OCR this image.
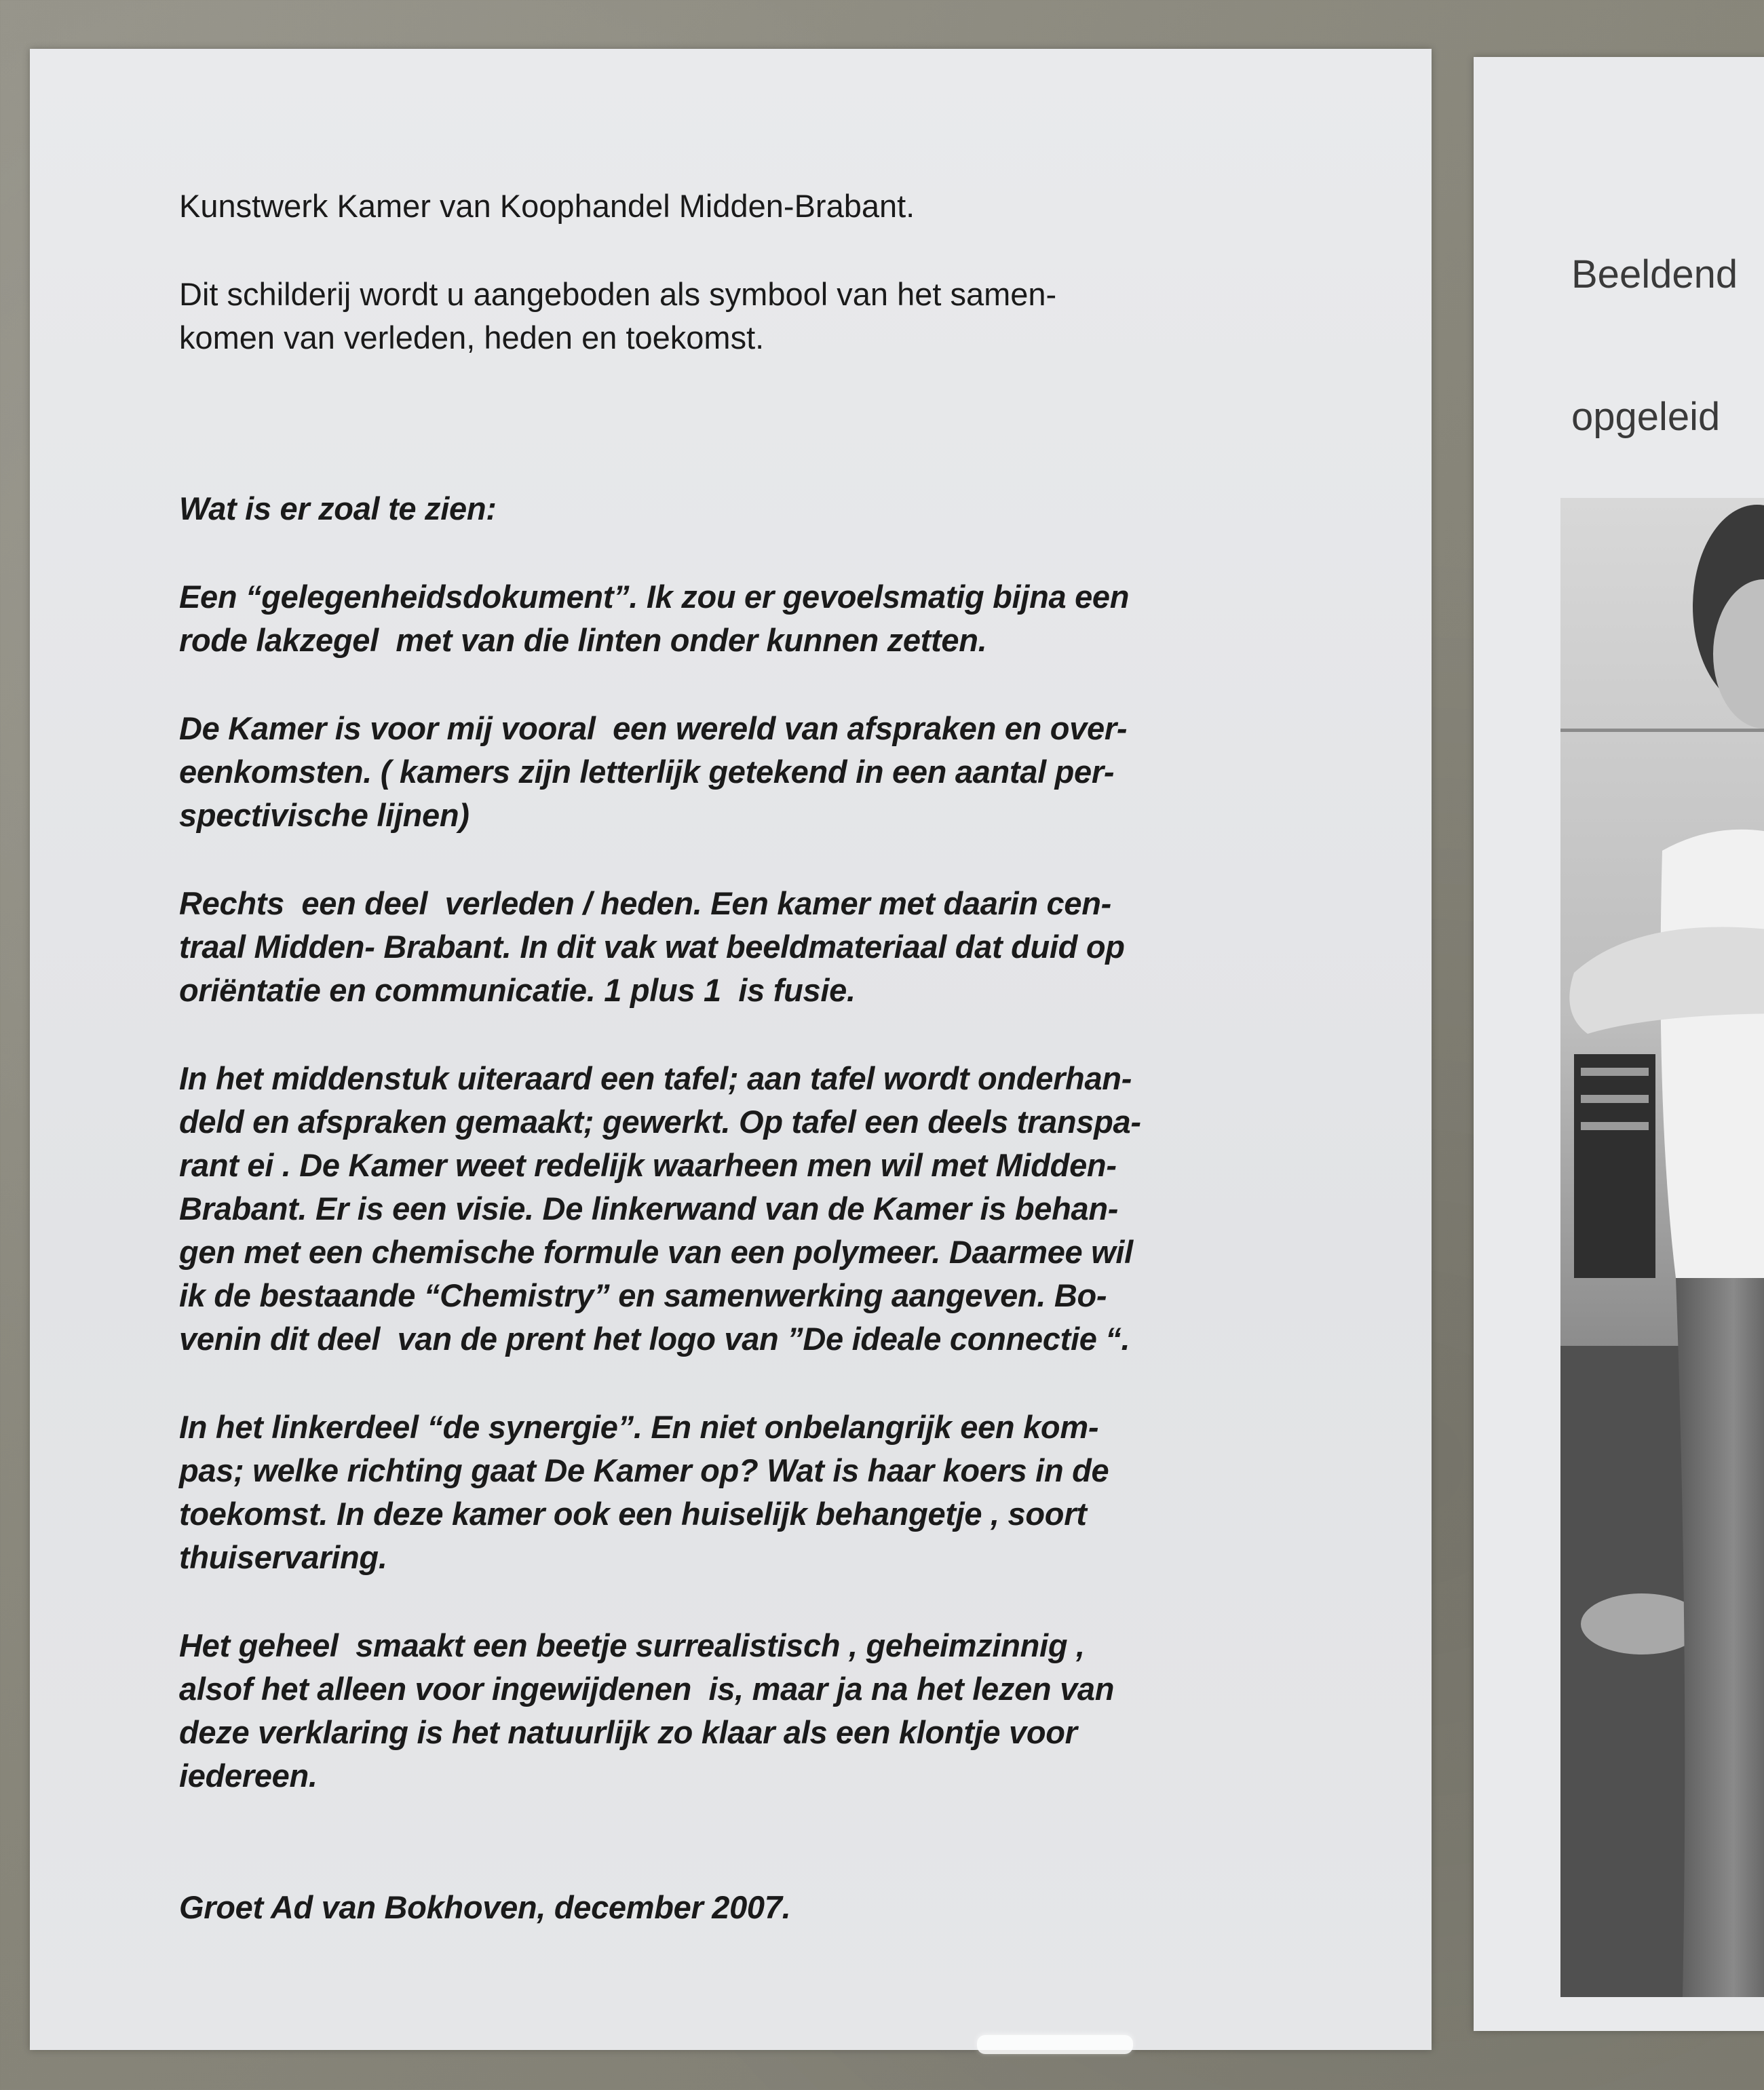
Kunstwerk Kamer van Koophandel Midden-Brabant.

Dit schilderij wordt u aangeboden als symbool van het samen-
komen van verleden, heden en toekomst.

Wat is er zoal te zien:

Een “gelegenheidsdokument”. Ik zou er gevoelsmatig bijna een
rode lakzegel  met van die linten onder kunnen zetten.

De Kamer is voor mij vooral  een wereld van afspraken en over-
eenkomsten. ( kamers zijn letterlijk getekend in een aantal per-
spectivische lijnen)

Rechts  een deel  verleden / heden. Een kamer met daarin cen-
traal Midden- Brabant. In dit vak wat beeldmateriaal dat duid op
oriëntatie en communicatie. 1 plus 1  is fusie.

In het middenstuk uiteraard een tafel; aan tafel wordt onderhan-
deld en afspraken gemaakt; gewerkt. Op tafel een deels transpa-
rant ei . De Kamer weet redelijk waarheen men wil met Midden-
Brabant. Er is een visie. De linkerwand van de Kamer is behan-
gen met een chemische formule van een polymeer. Daarmee wil
ik de bestaande “Chemistry” en samenwerking aangeven. Bo-
venin dit deel  van de prent het logo van ”De ideale connectie “.

In het linkerdeel “de synergie”. En niet onbelangrijk een kom-
pas; welke richting gaat De Kamer op? Wat is haar koers in de
toekomst. In deze kamer ook een huiselijk behangetje , soort
thuiservaring.

Het geheel  smaakt een beetje surrealistisch , geheimzinnig ,
alsof het alleen voor ingewijdenen  is, maar ja na het lezen van
deze verklaring is het natuurlijk zo klaar als een klontje voor
iedereen.

Groet Ad van Bokhoven, december 2007.

Beeldend

opgeleid
